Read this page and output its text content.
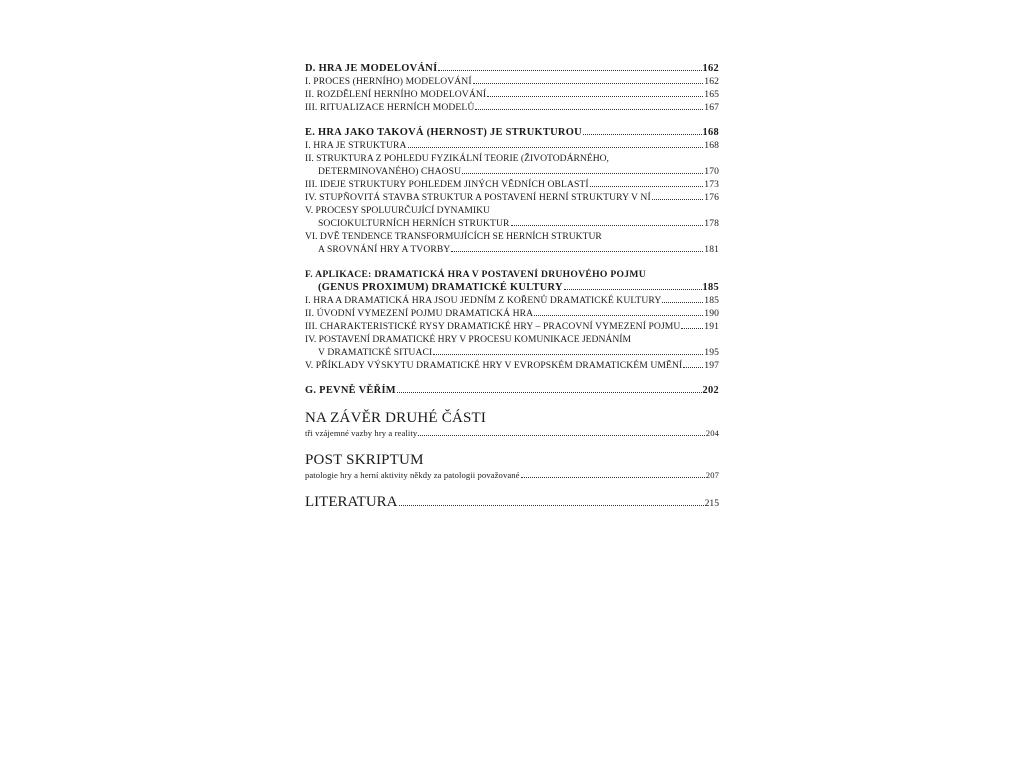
D. HRA JE MODELOVÁNÍ	162
I. PROCES (HERNÍHO) MODELOVÁNÍ	162
II. ROZDĚLENÍ HERNÍHO MODELOVÁNÍ	165
III. RITUALIZACE HERNÍCH MODELŮ	167
E. HRA JAKO TAKOVÁ (HERNOST) JE STRUKTUROU	168
I. HRA JE STRUKTURA	168
II. STRUKTURA Z POHLEDU FYZIKÁLNÍ TEORIE (ŽIVOTODÁRNÉHO,
DETERMINOVANÉHO) CHAOSU	170
III. IDEJE STRUKTURY POHLEDEM JINÝCH VĚDNÍCH OBLASTÍ	173
IV. STUPŇOVITÁ STAVBA STRUKTUR A POSTAVENÍ HERNÍ STRUKTURY V NÍ	176
V. PROCESY SPOLUURČUJÍCÍ DYNAMIKU
SOCIOKULTURNÍCH HERNÍCH STRUKTUR	178
VI. DVĚ TENDENCE TRANSFORMUJÍCÍCH SE HERNÍCH STRUKTUR
A SROVNÁNÍ HRY A TVORBY	181
F. APLIKACE: DRAMATICKÁ HRA V POSTAVENÍ DRUHOVÉHO POJMU
(GENUS PROXIMUM) DRAMATICKÉ KULTURY	185
I. HRA A DRAMATICKÁ HRA JSOU JEDNÍM Z KOŘENŮ DRAMATICKÉ KULTURY	185
II. ÚVODNÍ VYMEZENÍ POJMU DRAMATICKÁ HRA	190
III. CHARAKTERISTICKÉ RYSY DRAMATICKÉ HRY – PRACOVNÍ VYMEZENÍ POJMU 191
IV. POSTAVENÍ DRAMATICKÉ HRY V PROCESU KOMUNIKACE JEDNÁNÍM
V DRAMATICKÉ SITUACI	195
V. PŘÍKLADY VÝSKYTU DRAMATICKÉ HRY V EVROPSKÉM DRAMATICKÉM UMĚNÍ 197
G. PEVNĚ VĚŘÍM	202
NA ZÁVĚR DRUHÉ ČÁSTI
tři vzájemné vazby hry a reality	204
POST SKRIPTUM
patologie hry a herní aktivity někdy za patologii považované	207
LITERATURA	215
